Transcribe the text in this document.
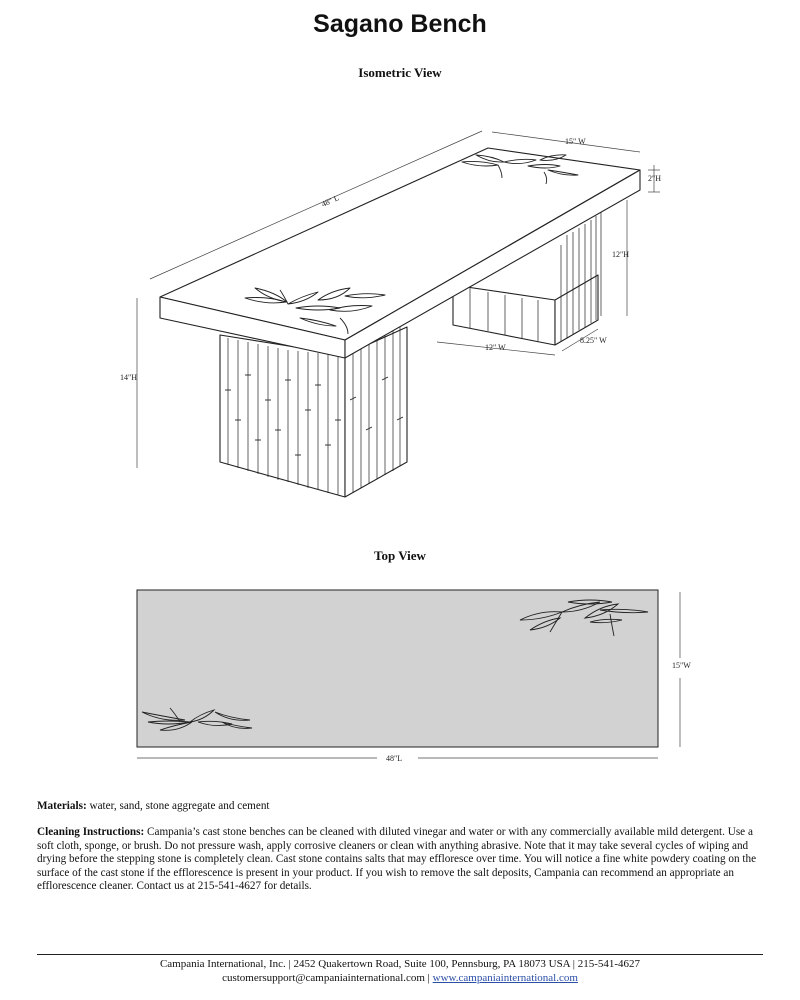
Sagano Bench
Isometric View
48" L
15" W
2"H
12"H
14"H
12" W
8.25" W
Top View
15"W
48"L
Materials: water, sand, stone aggregate and cement
Cleaning Instructions: Campania’s cast stone benches can be cleaned with diluted vinegar and water or with any commercially available mild detergent. Use a soft cloth, sponge, or brush. Do not pressure wash, apply corrosive cleaners or clean with anything abrasive. Note that it may take several cycles of wiping and drying before the stepping stone is completely clean. Cast stone contains salts that may effloresce over time. You will notice a fine white powdery coating on the surface of the cast stone if the efflorescence is present in your product. If you wish to remove the salt deposits, Campania can recommend an appropriate an efflorescence cleaner. Contact us at 215-541-4627 for details.
Campania International, Inc. | 2452 Quakertown Road, Suite 100, Pennsburg, PA 18073 USA | 215-541-4627
customersupport@campaniainternational.com | www.campaniainternational.com
